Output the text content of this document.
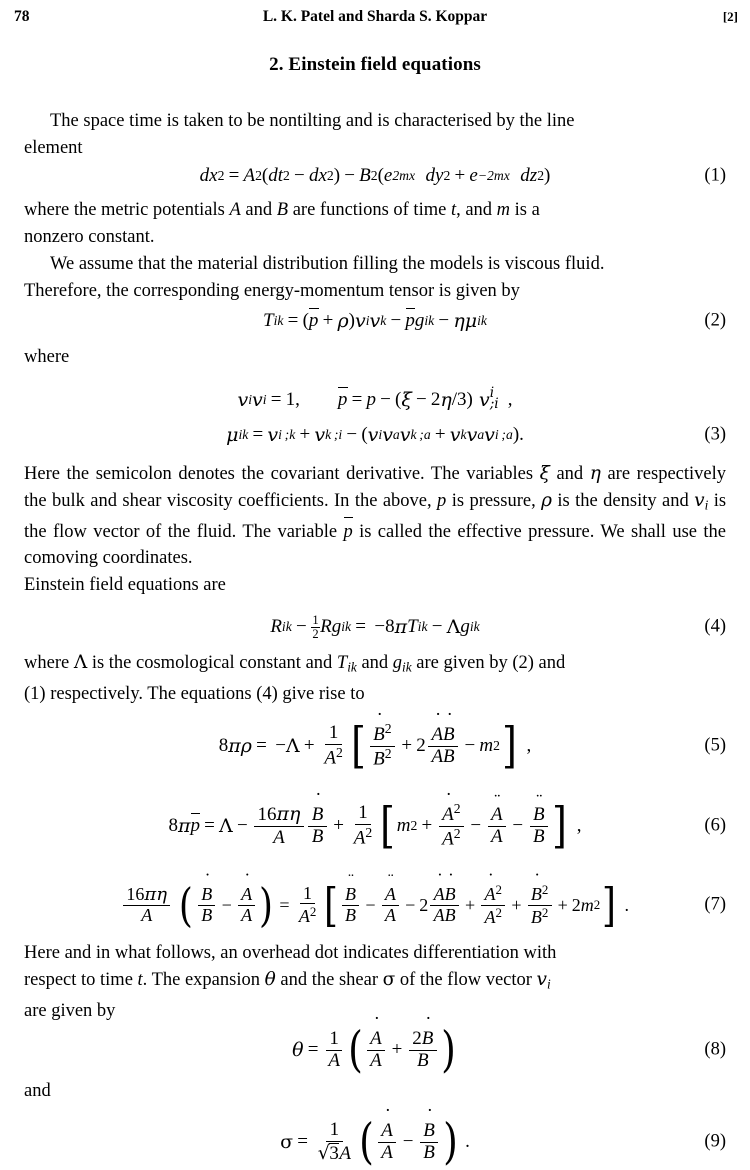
78	L. K. Patel and Sharda S. Koppar	[2]
2. Einstein field equations

The space time is taken to be nontilting and is characterised by the line

element

dx 2 = A 2 ( dt 2 − dx 2 ) − B 2 ( e 2mx dy 2 + e −2mx dz 2 )	(1)

where the metric potentials A and B are functions of time t, and m is a

nonzero constant.

We assume that the material distribution filling the models is viscous fluid.

Therefore, the corresponding energy-momentum tensor is given by

T ik = ( p + ρ ) v i v k − p g ik − η μ ik	(2)

where

v i v i = 1 , p = p − ( ξ − 2 η /3) v i
;i ,
μ ik = v i ;k + v k ;i − ( v i v a v k ;a + v k v a v i ;a ).	(3)

Here the semicolon denotes the covariant derivative. The variables ξ and η are respectively the bulk and shear viscosity coefficients. In the above, p is pressure, ρ is the density and $v_i$ is the flow vector of the fluid. The variable p is called the effective pressure. We shall use the comoving coordinates.

Einstein field equations are

R ik − $\frac{1}{2}$ R g ik = − 8 π T ik − Λ g ik	(4)

where Λ is the cosmological constant and $T_{ik}$ and $g_{ik}$ are given by (2) and

(1) respectively. The equations (4) give rise to

8 π ρ = − $\Lambda + \frac{1}{A^2}$ [ $\frac{B ˙^2}{B^2} + 2 \frac{A ˙B ˙}{AB} - m$ 2 ] ,	(5)
8 π $p = \Lambda - \frac{16\pi\eta}{A} \frac{B ˙}{B} + \frac{1}{A^2}$ [ m $2 + \frac{A ˙^2}{A^2} - \frac{A ¨}{A} - \frac{B ¨}{B}$ ] ,	(6)
$\frac{16\pi\eta}{A}$ ( $\frac{B ˙}{B} - \frac{A ˙}{A}$ ) = $\frac{1}{A^2}$ [ $\frac{B ¨}{B} - \frac{A ¨}{A} - 2 \frac{A ˙B ˙}{AB} + \frac{A ˙^2}{A^2} + \frac{B ˙^2}{B^2} + 2$ m 2 ] .	(7)

Here and in what follows, an overhead dot indicates differentiation with

respect to time t. The expansion θ and the shear σ of the flow vector $v_i$

are given by

$\theta = \frac{1}{A}$ ( $\frac{A ˙}{A} + \frac{2B ˙}{B}$ )	(8)

and

$\sigma = \frac{1}{√ 3 A}$ ( $\frac{A ˙}{A} - \frac{B ˙}{B}$ ) .	(9)
